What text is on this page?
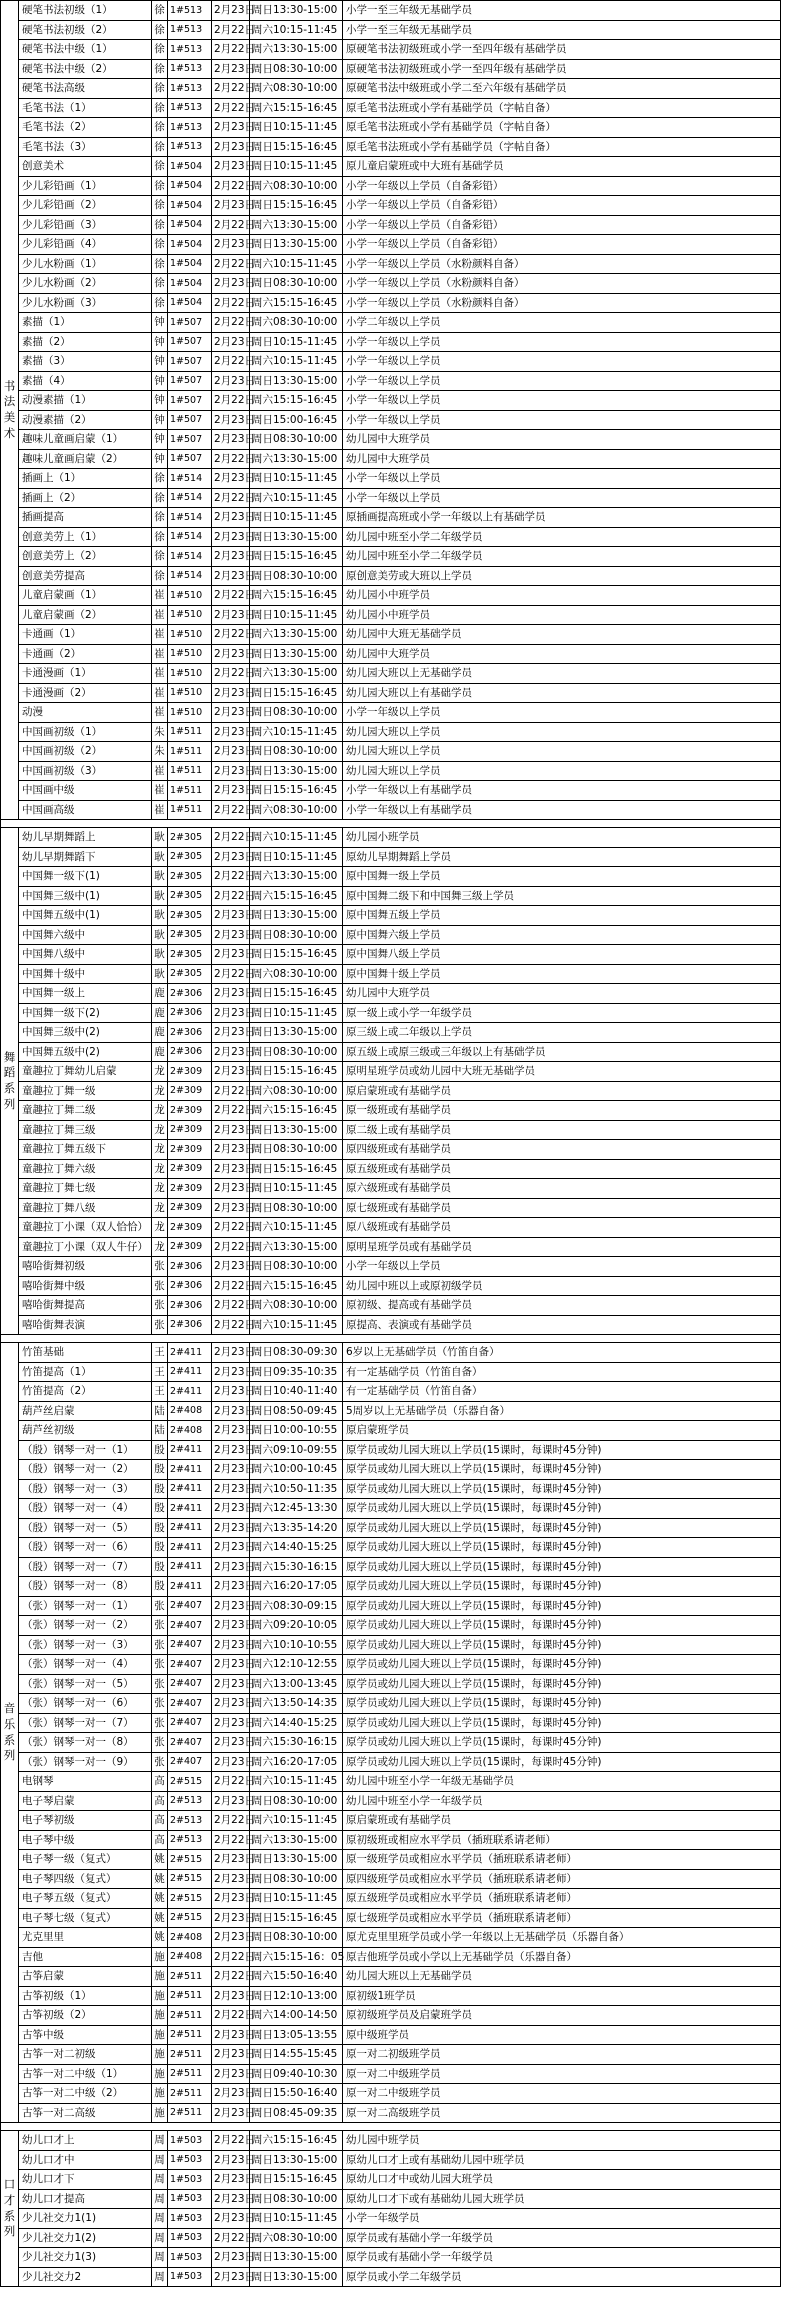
书
法
美
术	硬笔书法初级（1）	徐	1#513	2月23日	周日13:30-15:00	小学一至三年级无基础学员
	硬笔书法初级（2）	徐	1#513	2月22日	周六10:15-11:45	小学一至三年级无基础学员
	硬笔书法中级（1）	徐	1#513	2月22日	周六13:30-15:00	原硬笔书法初级班或小学一至四年级有基础学员
	硬笔书法中级（2）	徐	1#513	2月23日	周日08:30-10:00	原硬笔书法初级班或小学一至四年级有基础学员
	硬笔书法高级	徐	1#513	2月22日	周六08:30-10:00	原硬笔书法中级班或小学二至六年级有基础学员
	毛笔书法（1）	徐	1#513	2月22日	周六15:15-16:45	原毛笔书法班或小学有基础学员（字帖自备）
	毛笔书法（2）	徐	1#513	2月23日	周日10:15-11:45	原毛笔书法班或小学有基础学员（字帖自备）
	毛笔书法（3）	徐	1#513	2月23日	周日15:15-16:45	原毛笔书法班或小学有基础学员（字帖自备）
	创意美术	徐	1#504	2月23日	周日10:15-11:45	原儿童启蒙班或中大班有基础学员
	少儿彩铅画（1）	徐	1#504	2月22日	周六08:30-10:00	小学一年级以上学员（自备彩铅）
	少儿彩铅画（2）	徐	1#504	2月23日	周日15:15-16:45	小学一年级以上学员（自备彩铅）
	少儿彩铅画（3）	徐	1#504	2月22日	周六13:30-15:00	小学一年级以上学员（自备彩铅）
	少儿彩铅画（4）	徐	1#504	2月23日	周日13:30-15:00	小学一年级以上学员（自备彩铅）
	少儿水粉画（1）	徐	1#504	2月22日	周六10:15-11:45	小学一年级以上学员（水粉颜料自备）
	少儿水粉画（2）	徐	1#504	2月23日	周日08:30-10:00	小学一年级以上学员（水粉颜料自备）
	少儿水粉画（3）	徐	1#504	2月22日	周六15:15-16:45	小学一年级以上学员（水粉颜料自备）
	素描（1）	钟	1#507	2月22日	周六08:30-10:00	小学二年级以上学员
	素描（2）	钟	1#507	2月23日	周日10:15-11:45	小学一年级以上学员
	素描（3）	钟	1#507	2月22日	周六10:15-11:45	小学一年级以上学员
	素描（4）	钟	1#507	2月23日	周日13:30-15:00	小学一年级以上学员
	动漫素描（1）	钟	1#507	2月22日	周六15:15-16:45	小学一年级以上学员
	动漫素描（2）	钟	1#507	2月23日	周日15:00-16:45	小学一年级以上学员
	趣味儿童画启蒙（1）	钟	1#507	2月23日	周日08:30-10:00	幼儿园中大班学员
	趣味儿童画启蒙（2）	钟	1#507	2月22日	周六13:30-15:00	幼儿园中大班学员
	插画上（1）	徐	1#514	2月23日	周日10:15-11:45	小学一年级以上学员
	插画上（2）	徐	1#514	2月22日	周六10:15-11:45	小学一年级以上学员
	插画提高	徐	1#514	2月23日	周日10:15-11:45	原插画提高班或小学一年级以上有基础学员
	创意美劳上（1）	徐	1#514	2月23日	周日13:30-15:00	幼儿园中班至小学二年级学员
	创意美劳上（2）	徐	1#514	2月23日	周日15:15-16:45	幼儿园中班至小学二年级学员
	创意美劳提高	徐	1#514	2月23日	周日08:30-10:00	原创意美劳或大班以上学员
	儿童启蒙画（1）	崔	1#510	2月22日	周六15:15-16:45	幼儿园小中班学员
	儿童启蒙画（2）	崔	1#510	2月23日	周日10:15-11:45	幼儿园小中班学员
	卡通画（1）	崔	1#510	2月22日	周六13:30-15:00	幼儿园中大班无基础学员
	卡通画（2）	崔	1#510	2月23日	周日13:30-15:00	幼儿园中大班学员
	卡通漫画（1）	崔	1#510	2月22日	周六13:30-15:00	幼儿园大班以上无基础学员
	卡通漫画（2）	崔	1#510	2月23日	周日15:15-16:45	幼儿园大班以上有基础学员
	动漫	崔	1#510	2月23日	周日08:30-10:00	小学一年级以上学员
	中国画初级（1）	朱	1#511	2月23日	周六10:15-11:45	幼儿园大班以上学员
	中国画初级（2）	朱	1#511	2月23日	周日08:30-10:00	幼儿园大班以上学员
	中国画初级（3）	崔	1#511	2月23日	周日13:30-15:00	幼儿园大班以上学员
	中国画中级	崔	1#511	2月23日	周日15:15-16:45	小学一年级以上有基础学员
	中国画高级	崔	1#511	2月22日	周六08:30-10:00	小学一年级以上有基础学员

舞
蹈
系
列	幼儿早期舞蹈上	耿	2#305	2月22日	周六10:15-11:45	幼儿园小班学员
	幼儿早期舞蹈下	耿	2#305	2月23日	周日10:15-11:45	原幼儿早期舞蹈上学员
	中国舞一级下(1)	耿	2#305	2月22日	周六13:30-15:00	原中国舞一级上学员
	中国舞三级中(1)	耿	2#305	2月22日	周六15:15-16:45	原中国舞二级下和中国舞三级上学员
	中国舞五级中(1)	耿	2#305	2月23日	周日13:30-15:00	原中国舞五级上学员
	中国舞六级中	耿	2#305	2月23日	周日08:30-10:00	原中国舞六级上学员
	中国舞八级中	耿	2#305	2月23日	周日15:15-16:45	原中国舞八级上学员
	中国舞十级中	耿	2#305	2月22日	周六08:30-10:00	原中国舞十级上学员
	中国舞一级上	鹿	2#306	2月23日	周日15:15-16:45	幼儿园中大班学员
	中国舞一级下(2)	鹿	2#306	2月23日	周日10:15-11:45	原一级上或小学一年级学员
	中国舞三级中(2)	鹿	2#306	2月23日	周日13:30-15:00	原三级上或二年级以上学员
	中国舞五级中(2)	鹿	2#306	2月23日	周日08:30-10:00	原五级上或原三级或三年级以上有基础学员
	童趣拉丁舞幼儿启蒙	龙	2#309	2月23日	周日15:15-16:45	原明星班学员或幼儿园中大班无基础学员
	童趣拉丁舞一级	龙	2#309	2月22日	周六08:30-10:00	原启蒙班或有基础学员
	童趣拉丁舞二级	龙	2#309	2月22日	周六15:15-16:45	原一级班或有基础学员
	童趣拉丁舞三级	龙	2#309	2月23日	周日13:30-15:00	原二级上或有基础学员
	童趣拉丁舞五级下	龙	2#309	2月23日	周日08:30-10:00	原四级班或有基础学员
	童趣拉丁舞六级	龙	2#309	2月23日	周日15:15-16:45	原五级班或有基础学员
	童趣拉丁舞七级	龙	2#309	2月23日	周日10:15-11:45	原六级班或有基础学员
	童趣拉丁舞八级	龙	2#309	2月23日	周日08:30-10:00	原七级班或有基础学员
	童趣拉丁小课（双人恰恰）	龙	2#309	2月22日	周六10:15-11:45	原八级班或有基础学员
	童趣拉丁小课（双人牛仔）	龙	2#309	2月22日	周六13:30-15:00	原明星班学员或有基础学员
	嘻哈街舞初级	张	2#306	2月23日	周日08:30-10:00	小学一年级以上学员
	嘻哈街舞中级	张	2#306	2月22日	周六15:15-16:45	幼儿园中班以上或原初级学员
	嘻哈街舞提高	张	2#306	2月22日	周六08:30-10:00	原初级、提高或有基础学员
	嘻哈街舞表演	张	2#306	2月22日	周六10:15-11:45	原提高、表演或有基础学员

音
乐
系
列	竹笛基础	王	2#411	2月23日	周日08:30-09:30	6岁以上无基础学员（竹笛自备）
	竹笛提高（1）	王	2#411	2月23日	周日09:35-10:35	有一定基础学员（竹笛自备）
	竹笛提高（2）	王	2#411	2月23日	周日10:40-11:40	有一定基础学员（竹笛自备）
	葫芦丝启蒙	陆	2#408	2月23日	周日08:50-09:45	5周岁以上无基础学员（乐器自备）
	葫芦丝初级	陆	2#408	2月23日	周日10:00-10:55	原启蒙班学员
	（殷）钢琴一对一（1）	殷	2#411	2月23日	周六09:10-09:55	原学员或幼儿园大班以上学员(15课时，每课时45分钟)
	（殷）钢琴一对一（2）	殷	2#411	2月23日	周六10:00-10:45	原学员或幼儿园大班以上学员(15课时，每课时45分钟)
	（殷）钢琴一对一（3）	殷	2#411	2月23日	周六10:50-11:35	原学员或幼儿园大班以上学员(15课时，每课时45分钟)
	（殷）钢琴一对一（4）	殷	2#411	2月23日	周六12:45-13:30	原学员或幼儿园大班以上学员(15课时，每课时45分钟)
	（殷）钢琴一对一（5）	殷	2#411	2月23日	周六13:35-14:20	原学员或幼儿园大班以上学员(15课时，每课时45分钟)
	（殷）钢琴一对一（6）	殷	2#411	2月23日	周六14:40-15:25	原学员或幼儿园大班以上学员(15课时，每课时45分钟)
	（殷）钢琴一对一（7）	殷	2#411	2月23日	周六15:30-16:15	原学员或幼儿园大班以上学员(15课时，每课时45分钟)
	（殷）钢琴一对一（8）	殷	2#411	2月23日	周六16:20-17:05	原学员或幼儿园大班以上学员(15课时，每课时45分钟)
	（张）钢琴一对一（1）	张	2#407	2月23日	周六08:30-09:15	原学员或幼儿园大班以上学员(15课时，每课时45分钟)
	（张）钢琴一对一（2）	张	2#407	2月23日	周六09:20-10:05	原学员或幼儿园大班以上学员(15课时，每课时45分钟)
	（张）钢琴一对一（3）	张	2#407	2月23日	周六10:10-10:55	原学员或幼儿园大班以上学员(15课时，每课时45分钟)
	（张）钢琴一对一（4）	张	2#407	2月23日	周六12:10-12:55	原学员或幼儿园大班以上学员(15课时，每课时45分钟)
	（张）钢琴一对一（5）	张	2#407	2月23日	周六13:00-13:45	原学员或幼儿园大班以上学员(15课时，每课时45分钟)
	（张）钢琴一对一（6）	张	2#407	2月23日	周六13:50-14:35	原学员或幼儿园大班以上学员(15课时，每课时45分钟)
	（张）钢琴一对一（7）	张	2#407	2月23日	周六14:40-15:25	原学员或幼儿园大班以上学员(15课时，每课时45分钟)
	（张）钢琴一对一（8）	张	2#407	2月23日	周六15:30-16:15	原学员或幼儿园大班以上学员(15课时，每课时45分钟)
	（张）钢琴一对一（9）	张	2#407	2月23日	周六16:20-17:05	原学员或幼儿园大班以上学员(15课时，每课时45分钟)
	电钢琴	高	2#515	2月22日	周六10:15-11:45	幼儿园中班至小学一年级无基础学员
	电子琴启蒙	高	2#513	2月23日	周日08:30-10:00	幼儿园中班至小学一年级学员
	电子琴初级	高	2#513	2月22日	周六10:15-11:45	原启蒙班或有基础学员
	电子琴中级	高	2#513	2月22日	周六13:30-15:00	原初级班或相应水平学员（插班联系请老师）
	电子琴一级（复式）	姚	2#515	2月23日	周日13:30-15:00	原一级班学员或相应水平学员（插班联系请老师）
	电子琴四级（复式）	姚	2#515	2月23日	周日08:30-10:00	原四级班学员或相应水平学员（插班联系请老师）
	电子琴五级（复式）	姚	2#515	2月23日	周日10:15-11:45	原五级班学员或相应水平学员（插班联系请老师）
	电子琴七级（复式）	姚	2#515	2月23日	周日15:15-16:45	原七级班学员或相应水平学员（插班联系请老师）
	尤克里里	姚	2#408	2月23日	周日08:30-10:00	原尤克里里班学员或小学一年级以上无基础学员（乐器自备）
	吉他	施	2#408	2月22日	周六15:15-16：05	原吉他班学员或小学以上无基础学员（乐器自备）
	古筝启蒙	施	2#511	2月22日	周六15:50-16:40	幼儿园大班以上无基础学员
	古筝初级（1）	施	2#511	2月23日	周日12:10-13:00	原初级1班学员
	古筝初级（2）	施	2#511	2月22日	周六14:00-14:50	原初级班学员及启蒙班学员
	古筝中级	施	2#511	2月23日	周日13:05-13:55	原中级班学员
	古筝一对二初级	施	2#511	2月23日	周日14:55-15:45	原一对二初级班学员
	古筝一对二中级（1）	施	2#511	2月23日	周日09:40-10:30	原一对二中级班学员
	古筝一对二中级（2）	施	2#511	2月23日	周日15:50-16:40	原一对二中级班学员
	古筝一对二高级	施	2#511	2月23日	周日08:45-09:35	原一对二高级班学员

口
才
系
列	幼儿口才上	周	1#503	2月22日	周六15:15-16:45	幼儿园中班学员
	幼儿口才中	周	1#503	2月23日	周日13:30-15:00	原幼儿口才上或有基础幼儿园中班学员
	幼儿口才下	周	1#503	2月23日	周日15:15-16:45	原幼儿口才中或幼儿园大班学员
	幼儿口才提高	周	1#503	2月23日	周日08:30-10:00	原幼儿口才下或有基础幼儿园大班学员
	少儿社交力1(1)	周	1#503	2月23日	周日10:15-11:45	小学一年级学员
	少儿社交力1(2)	周	1#503	2月22日	周六08:30-10:00	原学员或有基础小学一年级学员
	少儿社交力1(3)	周	1#503	2月23日	周日13:30-15:00	原学员或有基础小学一年级学员
	少儿社交力2	周	1#503	2月23日	周日13:30-15:00	原学员或小学二年级学员
